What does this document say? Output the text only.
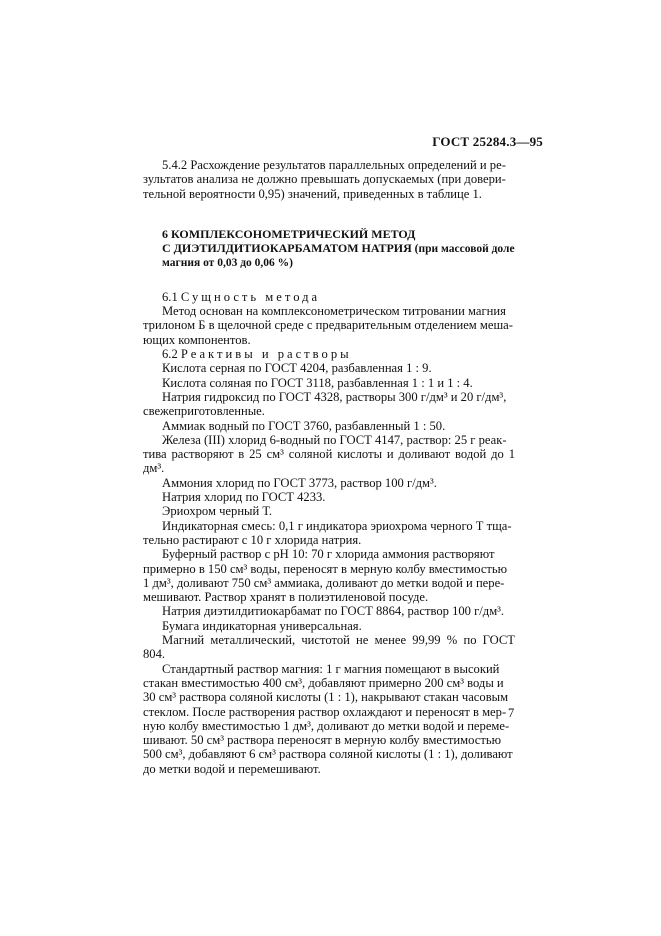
ГОСТ 25284.3—95

5.4.2 Расхождение результатов параллельных определений и ре-

зультатов анализа не должно превышать допускаемых (при довери-

тельной вероятности 0,95) значений, приведенных в таблице 1.

6 КОМПЛЕКСОНОМЕТРИЧЕСКИЙ МЕТОД

С ДИЭТИЛДИТИОКАРБАМАТОМ НАТРИЯ (при массовой доле

магния от 0,03 до 0,06 %)

6.1 Сущность метода

Метод основан на комплексонометрическом титровании магния

трилоном Б в щелочной среде с предварительным отделением меша-

ющих компонентов.

6.2 Реактивы и растворы

Кислота серная по ГОСТ 4204, разбавленная 1 : 9.

Кислота соляная по ГОСТ 3118, разбавленная 1 : 1 и 1 : 4.

Натрия гидроксид по ГОСТ 4328, растворы 300 г/дм³ и 20 г/дм³,

свежеприготовленные.

Аммиак водный по ГОСТ 3760, разбавленный 1 : 50.

Железа (III) хлорид 6-водный по ГОСТ 4147, раствор: 25 г реак-

тива растворяют в 25 см³ соляной кислоты и доливают водой до 1 дм³.

Аммония хлорид по ГОСТ 3773, раствор 100 г/дм³.

Натрия хлорид по ГОСТ 4233.

Эриохром черный Т.

Индикаторная смесь: 0,1 г индикатора эриохрома черного Т тща-

тельно растирают с 10 г хлорида натрия.

Буферный раствор с рН 10: 70 г хлорида аммония растворяют

примерно в 150 см³ воды, переносят в мерную колбу вместимостью

1 дм³, доливают 750 см³ аммиака, доливают до метки водой и пере-

мешивают. Раствор хранят в полиэтиленовой посуде.

Натрия диэтилдитиокарбамат по ГОСТ 8864, раствор 100 г/дм³.

Бумага индикаторная универсальная.

Магний металлический, чистотой не менее 99,99 % по ГОСТ 804.

Стандартный раствор магния: 1 г магния помещают в высокий

стакан вместимостью 400 см³, добавляют примерно 200 см³ воды и

30 см³ раствора соляной кислоты (1 : 1), накрывают стакан часовым

стеклом. После растворения раствор охлаждают и переносят в мер-

ную колбу вместимостью 1 дм³, доливают до метки водой и переме-

шивают. 50 см³ раствора переносят в мерную колбу вместимостью

500 см³, добавляют 6 см³ раствора соляной кислоты (1 : 1), доливают

до метки водой и перемешивают.

7
